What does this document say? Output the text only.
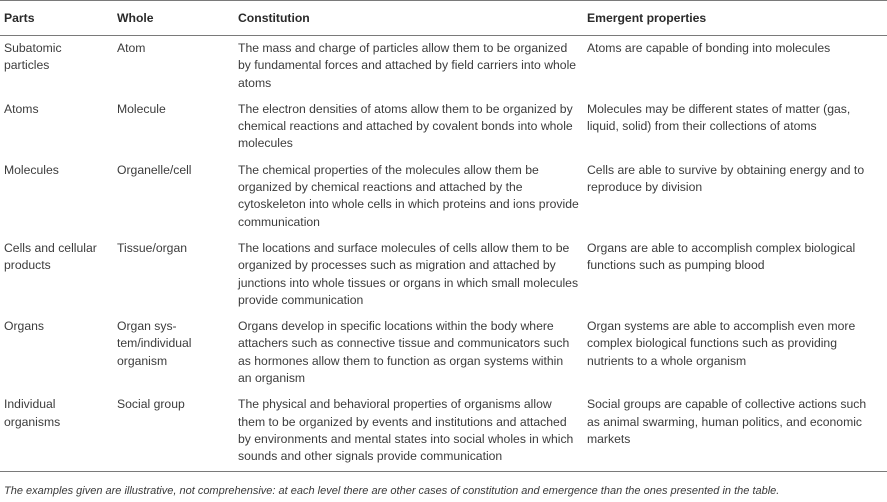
Parts	Whole	Constitution	Emergent properties
Subatomic particles	Atom	The mass and charge of particles allow them to be organized by fundamental forces and attached by field carriers into whole atoms	Atoms are capable of bonding into molecules
Atoms	Molecule	The electron densities of atoms allow them to be organized by chemical reactions and attached by covalent bonds into whole molecules	Molecules may be different states of matter (gas, liquid, solid) from their collections of atoms
Molecules	Organelle/cell	The chemical properties of the molecules allow them be organized by chemical reactions and attached by the cytoskeleton into whole cells in which proteins and ions provide communication	Cells are able to survive by obtaining energy and to reproduce by division
Cells and cellular products	Tissue/organ	The locations and surface molecules of cells allow them to be organized by processes such as migration and attached by junctions into whole tissues or organs in which small molecules provide communication	Organs are able to accomplish complex biological functions such as pumping blood
Organs	Organ sys-tem/individual organism	Organs develop in specific locations within the body where attachers such as connective tissue and communicators such as hormones allow them to function as organ systems within an organism	Organ systems are able to accomplish even more complex biological functions such as providing nutrients to a whole organism
Individual organisms	Social group	The physical and behavioral properties of organisms allow them to be organized by events and institutions and attached by environments and mental states into social wholes in which sounds and other signals provide communication	Social groups are capable of collective actions such as animal swarming, human politics, and economic markets
The examples given are illustrative, not comprehensive: at each level there are other cases of constitution and emergence than the ones presented in the table.
